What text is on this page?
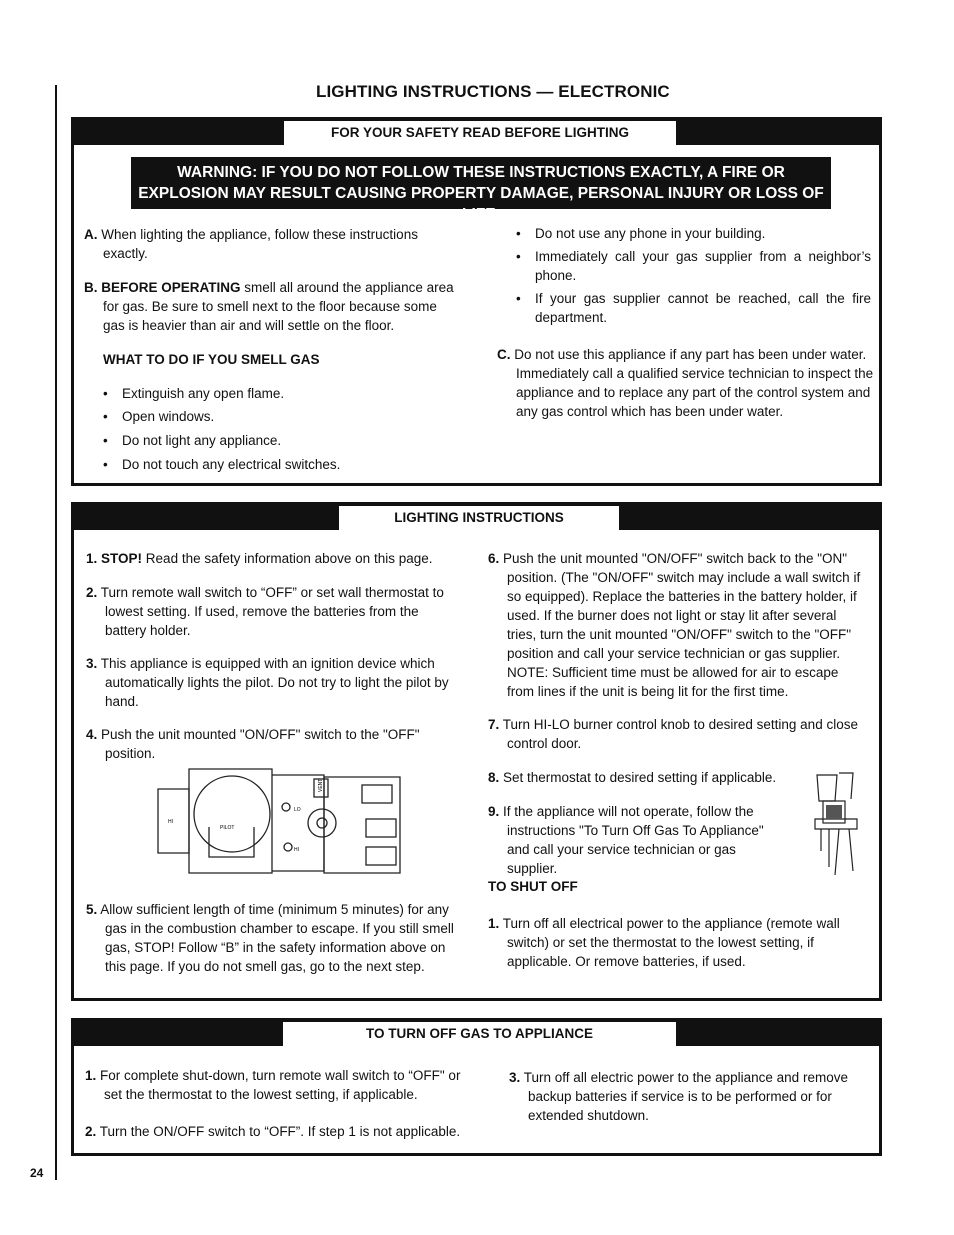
24
LIGHTING INSTRUCTIONS — ELECTRONIC
FOR YOUR SAFETY READ BEFORE LIGHTING
WARNING: IF YOU DO NOT FOLLOW THESE INSTRUCTIONS EXACTLY, A FIRE OR EXPLOSION MAY RESULT CAUSING PROPERTY DAMAGE, PERSONAL INJURY OR LOSS OF LIFE.

A. When lighting the appliance, follow these instructions exactly.

B. BEFORE OPERATING smell all around the appliance area for gas. Be sure to smell next to the floor because some gas is heavier than air and will settle on the floor.

WHAT TO DO IF YOU SMELL GAS
• Extinguish any open flame.
• Open windows.
• Do not light any appliance.
• Do not touch any electrical switches.
• Do not use any phone in your building.
• Immediately call your gas supplier from a neighbor’s phone.
• If your gas supplier cannot be reached, call the fire department.

C. Do not use this appliance if any part has been under water. Immediately call a qualified service technician to inspect the appliance and to replace any part of the control system and any gas control which has been under water.

LIGHTING INSTRUCTIONS

1. STOP! Read the safety information above on this page.

2. Turn remote wall switch to “OFF” or set wall thermostat to lowest setting. If used, remove the batteries from the battery holder.

3. This appliance is equipped with an ignition device which automatically lights the pilot. Do not try to light the pilot by hand.

4. Push the unit mounted "ON/OFF" switch to the "OFF" position.

PILOT
VENT
LO
HI
HI

5. Allow sufficient length of time (minimum 5 minutes) for any gas in the combustion chamber to escape. If you still smell gas, STOP! Follow “B” in the safety information above on this page. If you do not smell gas, go to the next step.

6. Push the unit mounted "ON/OFF" switch back to the "ON" position. (The "ON/OFF" switch may include a wall switch if so equipped). Replace the batteries in the battery holder, if used. If the burner does not light or stay lit after several tries, turn the unit mounted "ON/OFF" switch to the "OFF" position and call your service technician or gas supplier. NOTE: Sufficient time must be allowed for air to escape from lines if the unit is being lit for the first time.

7. Turn HI-LO burner control knob to desired setting and close control door.

8. Set thermostat to desired setting if applicable.

9. If the appliance will not operate, follow the instructions "To Turn Off Gas To Appliance" and call your service technician or gas supplier.

TO SHUT OFF

1. Turn off all electrical power to the appliance (remote wall switch) or set the thermostat to the lowest setting, if applicable. Or remove batteries, if used.

TO TURN OFF GAS TO APPLIANCE

1. For complete shut-down, turn remote wall switch to “OFF" or set the thermostat to the lowest setting, if applicable.

2. Turn the ON/OFF switch to “OFF”. If step 1 is not applicable.

3. Turn off all electric power to the appliance and remove backup batteries if service is to be performed or for extended shutdown.
